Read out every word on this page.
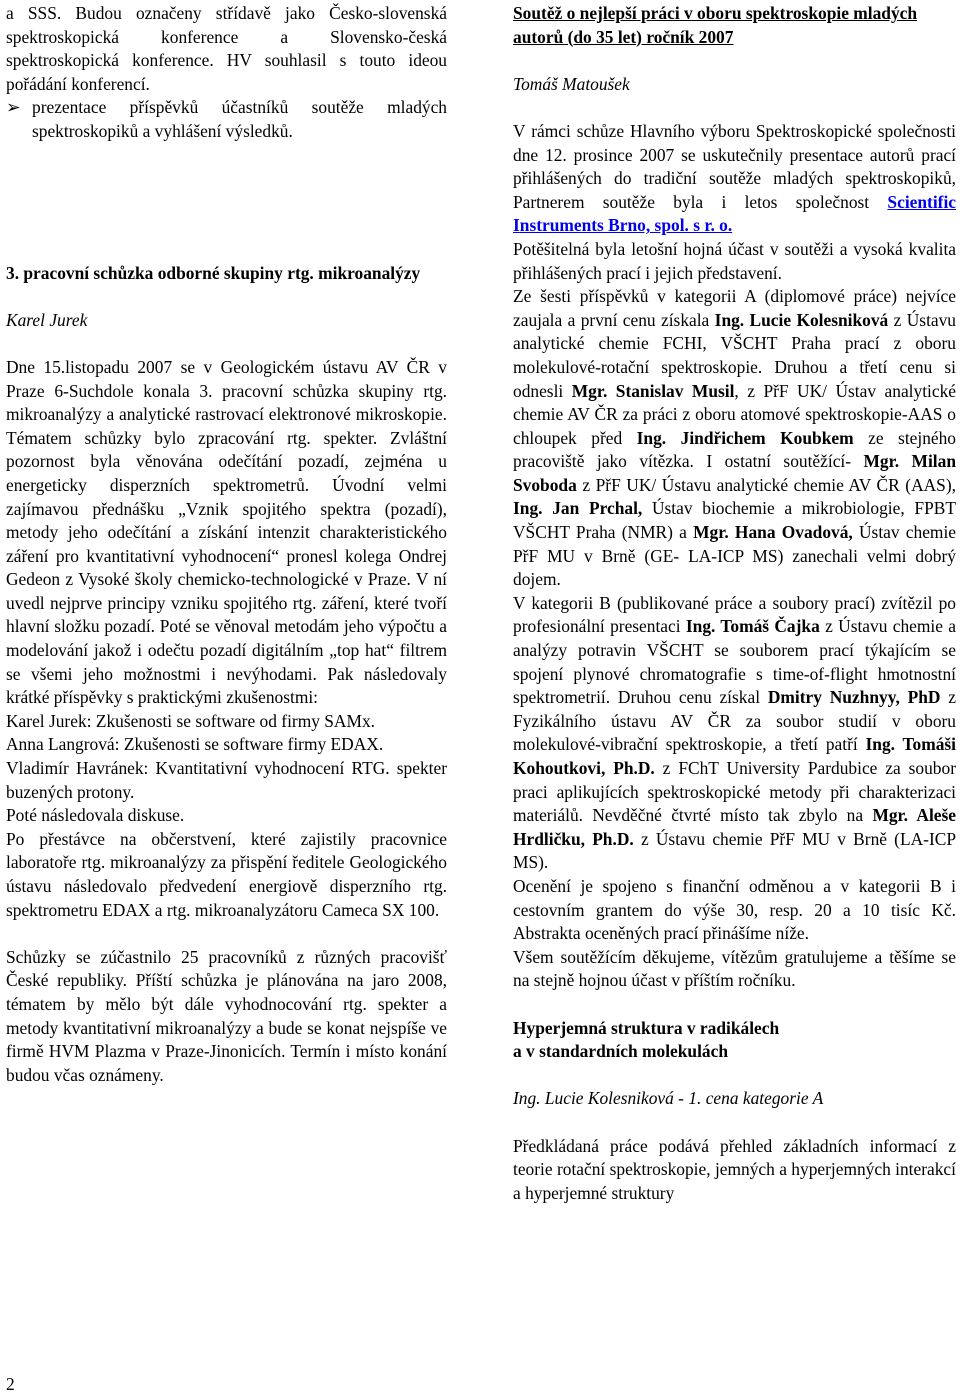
a SSS. Budou označeny střídavě jako Česko-slovenská spektroskopická konference a Slovensko-česká spektroskopická konference. HV souhlasil s touto ideou pořádání konferencí.

➢ prezentace příspěvků účastníků soutěže mladých spektroskopiků a vyhlášení výsledků.

3. pracovní schůzka odborné skupiny rtg. mikroanalýzy

Karel Jurek

Dne 15.listopadu 2007 se v Geologickém ústavu AV ČR v Praze 6-Suchdole konala 3. pracovní schůzka skupiny rtg. mikroanalýzy a analytické rastrovací elektronové mikroskopie. Tématem schůzky bylo zpracování rtg. spekter. Zvláštní pozornost byla věnována odečítání pozadí, zejména u energeticky disperzních spektrometrů. Úvodní velmi zajímavou přednášku „Vznik spojitého spektra (pozadí), metody jeho odečítání a získání intenzit charakteristického záření pro kvantitativní vyhodnocení“ pronesl kolega Ondrej Gedeon z Vysoké školy chemicko-technologické v Praze. V ní uvedl nejprve principy vzniku spojitého rtg. záření, které tvoří hlavní složku pozadí. Poté se věnoval metodám jeho výpočtu a modelování jakož i odečtu pozadí digitálním „top hat“ filtrem se všemi jeho možnostmi i nevýhodami. Pak následovaly krátké příspěvky s praktickými zkušenostmi:

Karel Jurek: Zkušenosti se software od firmy SAMx.

Anna Langrová: Zkušenosti se software firmy EDAX.

Vladimír Havránek: Kvantitativní vyhodnocení RTG. spekter buzených protony.

Poté následovala diskuse.

Po přestávce na občerstvení, které zajistily pracovnice laboratoře rtg. mikroanalýzy za přispění ředitele Geologického ústavu následovalo předvedení energiově disperzního rtg. spektrometru EDAX a rtg. mikroanalyzátoru Cameca SX 100.

Schůzky se zúčastnilo 25 pracovníků z různých pracovišť České republiky. Příští schůzka je plánována na jaro 2008, tématem by mělo být dále vyhodnocování rtg. spekter a metody kvantitativní mikroanalýzy a bude se konat nejspíše ve firmě HVM Plazma v Praze-Jinonicích. Termín i místo konání budou včas oznámeny.

Soutěž o nejlepší práci v oboru spektroskopie mladých autorů (do 35 let) ročník 2007

Tomáš Matoušek

V rámci schůze Hlavního výboru Spektroskopické společnosti dne 12. prosince 2007 se uskutečnily presentace autorů prací přihlášených do tradiční soutěže mladých spektroskopiků, Partnerem soutěže byla i letos společnost Scientific Instruments Brno, spol. s r. o.

Potěšitelná byla letošní hojná účast v soutěži a vysoká kvalita přihlášených prací i jejich představení.

Ze šesti příspěvků v kategorii A (diplomové práce) nejvíce zaujala a první cenu získala Ing. Lucie Kolesniková z Ústavu analytické chemie FCHI, VŠCHT Praha prací z oboru molekulové-rotační spektroskopie. Druhou a třetí cenu si odnesli Mgr. Stanislav Musil, z PřF UK/ Ústav analytické chemie AV ČR za práci z oboru atomové spektroskopie-AAS o chloupek před Ing. Jindřichem Koubkem ze stejného pracoviště jako vítězka. I ostatní soutěžící- Mgr. Milan Svoboda z PřF UK/ Ústavu analytické chemie AV ČR (AAS), Ing. Jan Prchal, Ústav biochemie a mikrobiologie, FPBT VŠCHT Praha (NMR) a Mgr. Hana Ovadová, Ústav chemie PřF MU v Brně (GE- LA-ICP MS) zanechali velmi dobrý dojem.

V kategorii B (publikované práce a soubory prací) zvítězil po profesionální presentaci Ing. Tomáš Čajka z Ústavu chemie a analýzy potravin VŠCHT se souborem prací týkajícím se spojení plynové chromatografie s time-of-flight hmotnostní spektrometrií. Druhou cenu získal Dmitry Nuzhnyy, PhD z Fyzikálního ústavu AV ČR za soubor studií v oboru molekulové-vibrační spektroskopie, a třetí patří Ing. Tomáši Kohoutkovi, Ph.D. z FChT University Pardubice za soubor praci aplikujících spektroskopické metody při charakterizaci materiálů. Nevděčné čtvrté místo tak zbylo na Mgr. Aleše Hrdličku, Ph.D. z Ústavu chemie PřF MU v Brně (LA-ICP MS).

Ocenění je spojeno s finanční odměnou a v kategorii B i cestovním grantem do výše 30, resp. 20 a 10 tisíc Kč. Abstrakta oceněných prací přinášíme níže.

Všem soutěžícím děkujeme, vítězům gratulujeme a těšíme se na stejně hojnou účast v příštím ročníku.

Hyperjemná struktura v radikálech

a v standardních molekulách

Ing. Lucie Kolesniková - 1. cena kategorie A

Předkládaná práce podává přehled základních informací z teorie rotační spektroskopie, jemných a hyperjemných interakcí a hyperjemné struktury

2
